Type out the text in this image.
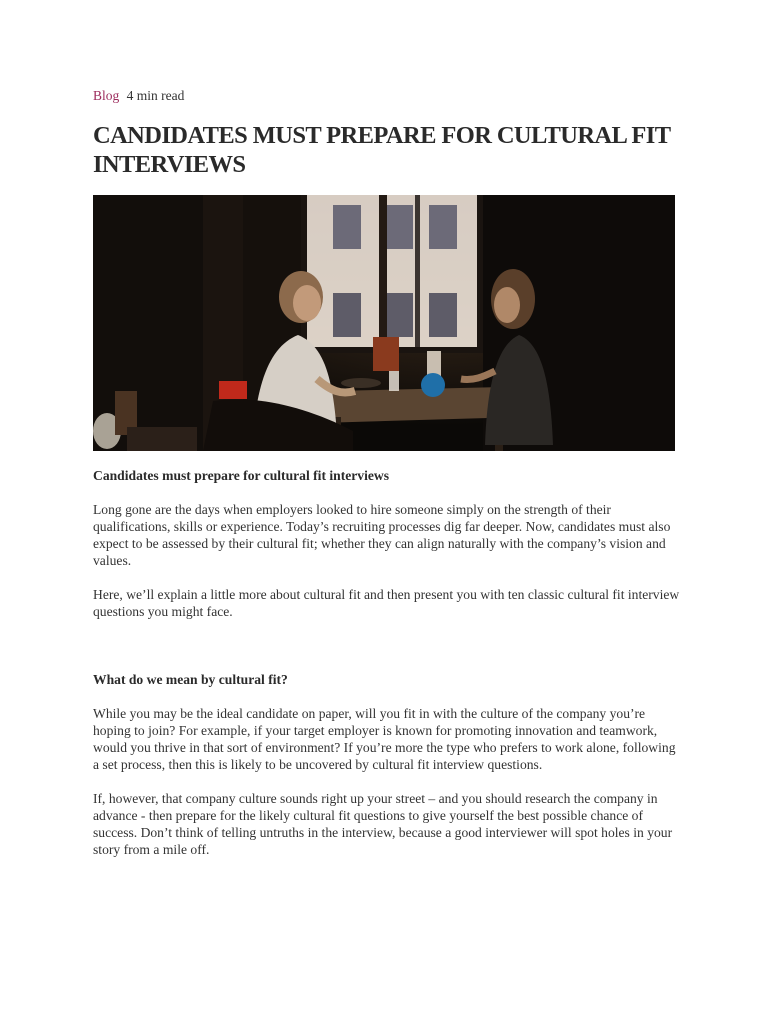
Blog 4 min read
CANDIDATES MUST PREPARE FOR CULTURAL FIT INTERVIEWS

Candidates must prepare for cultural fit interviews

Long gone are the days when employers looked to hire someone simply on the strength of their qualifications, skills or experience. Today’s recruiting processes dig far deeper. Now, candidates must also expect to be assessed by their cultural fit; whether they can align naturally with the company’s vision and values.

Here, we’ll explain a little more about cultural fit and then present you with ten classic cultural fit interview questions you might face.

What do we mean by cultural fit?

While you may be the ideal candidate on paper, will you fit in with the culture of the company you’re hoping to join? For example, if your target employer is known for promoting innovation and teamwork, would you thrive in that sort of environment? If you’re more the type who prefers to work alone, following a set process, then this is likely to be uncovered by cultural fit interview questions.

If, however, that company culture sounds right up your street – and you should research the company in advance - then prepare for the likely cultural fit questions to give yourself the best possible chance of success. Don’t think of telling untruths in the interview, because a good interviewer will spot holes in your story from a mile off.
